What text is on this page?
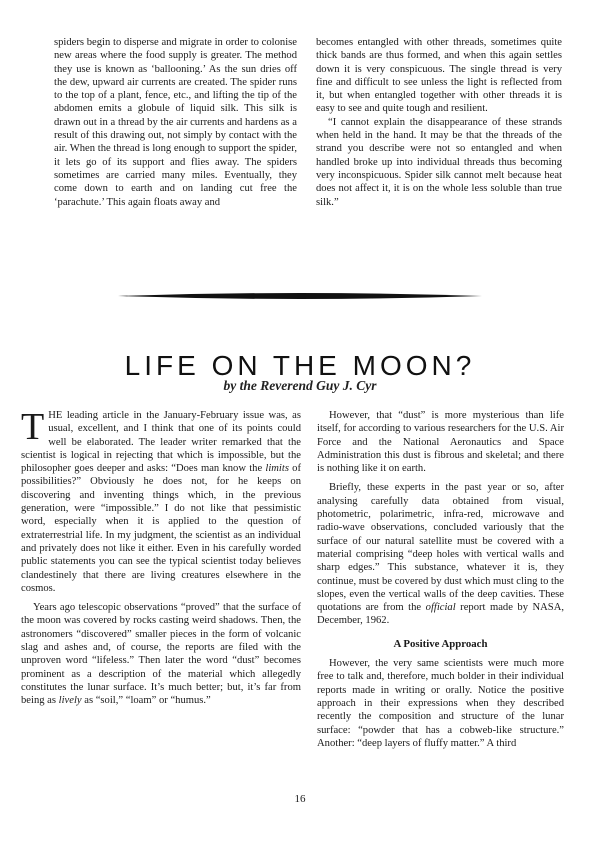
spiders begin to disperse and migrate in order to colonise new areas where the food supply is greater. The method they use is known as ‘ballooning.’ As the sun dries off the dew, upward air currents are created. The spider runs to the top of a plant, fence, etc., and lifting the tip of the abdomen emits a globule of liquid silk. This silk is drawn out in a thread by the air currents and hardens as a result of this drawing out, not simply by contact with the air. When the thread is long enough to support the spider, it lets go of its support and flies away. The spiders sometimes are carried many miles. Eventually, they come down to earth and on landing cut free the ‘parachute.’ This again floats away and

becomes entangled with other threads, sometimes quite thick bands are thus formed, and when this again settles down it is very conspicuous. The single thread is very fine and difficult to see unless the light is reflected from it, but when entangled together with other threads it is easy to see and quite tough and resilient.

“I cannot explain the disappearance of these strands when held in the hand. It may be that the threads of the strand you describe were not so entangled and when handled broke up into individual threads thus becoming very inconspicuous. Spider silk cannot melt because heat does not affect it, it is on the whole less soluble than true silk.”

LIFE ON THE MOON?
by the Reverend Guy J. Cyr

THE leading article in the January-February issue was, as usual, excellent, and I think that one of its points could well be elaborated. The leader writer remarked that the scientist is logical in rejecting that which is impossible, but the philosopher goes deeper and asks: “Does man know the limits of possibilities?” Obviously he does not, for he keeps on discovering and inventing things which, in the previous generation, were “impossible.” I do not like that pessimistic word, especially when it is applied to the question of extraterrestrial life. In my judgment, the scientist as an individual and privately does not like it either. Even in his carefully worded public statements you can see the typical scientist today believes clandestinely that there are living creatures elsewhere in the cosmos.

Years ago telescopic observations “proved” that the surface of the moon was covered by rocks casting weird shadows. Then, the astronomers “discovered” smaller pieces in the form of volcanic slag and ashes and, of course, the reports are filed with the unproven word “lifeless.” Then later the word “dust” becomes prominent as a description of the material which allegedly constitutes the lunar surface. It’s much better; but, it’s far from being as lively as “soil,” “loam” or “humus.”

However, that “dust” is more mysterious than life itself, for according to various researchers for the U.S. Air Force and the National Aeronautics and Space Administration this dust is fibrous and skeletal; and there is nothing like it on earth.

Briefly, these experts in the past year or so, after analysing carefully data obtained from visual, photometric, polarimetric, infra-red, microwave and radio-wave observations, concluded variously that the surface of our natural satellite must be covered with a material comprising “deep holes with vertical walls and sharp edges.” This substance, whatever it is, they continue, must be covered by dust which must cling to the slopes, even the vertical walls of the deep cavities. These quotations are from the official report made by NASA, December, 1962.

A Positive Approach

However, the very same scientists were much more free to talk and, therefore, much bolder in their individual reports made in writing or orally. Notice the positive approach in their expressions when they described recently the composition and structure of the lunar surface: “powder that has a cobweb-like structure.” Another: “deep layers of fluffy matter.” A third

16
